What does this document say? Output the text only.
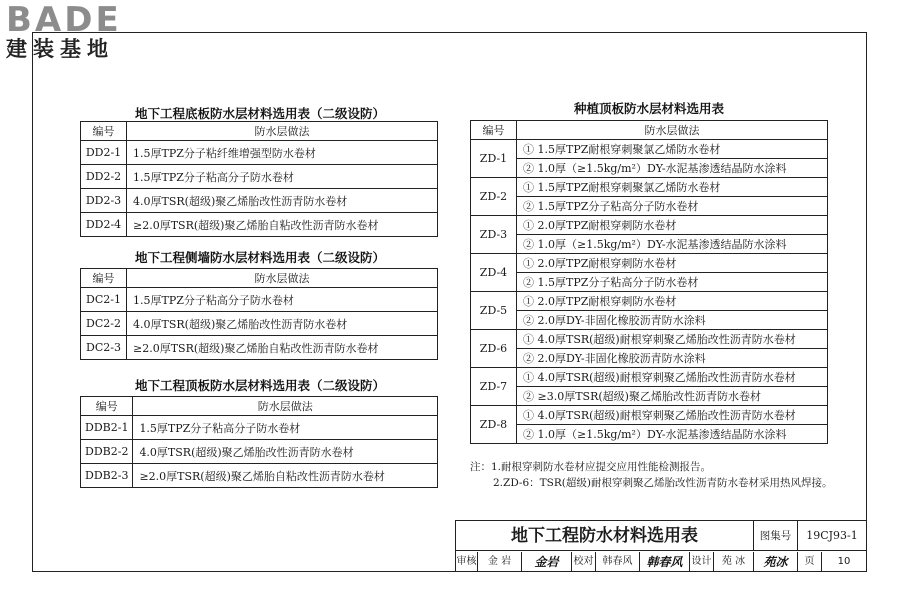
BADE
建装基地
地下工程底板防水层材料选用表（二级设防）
编号	防水层做法
DD2-1	1.5厚TPZ分子粘纤维增强型防水卷材
DD2-2	1.5厚TPZ分子粘高分子防水卷材
DD2-3	4.0厚TSR(超级)聚乙烯胎改性沥青防水卷材
DD2-4	≥2.0厚TSR(超级)聚乙烯胎自粘改性沥青防水卷材
地下工程侧墙防水层材料选用表（二级设防）
编号	防水层做法
DC2-1	1.5厚TPZ分子粘高分子防水卷材
DC2-2	4.0厚TSR(超级)聚乙烯胎改性沥青防水卷材
DC2-3	≥2.0厚TSR(超级)聚乙烯胎自粘改性沥青防水卷材
地下工程顶板防水层材料选用表（二级设防）
编号	防水层做法
DDB2-1	1.5厚TPZ分子粘高分子防水卷材
DDB2-2	4.0厚TSR(超级)聚乙烯胎改性沥青防水卷材
DDB2-3	≥2.0厚TSR(超级)聚乙烯胎自粘改性沥青防水卷材
种植顶板防水层材料选用表
编号	防水层做法
ZD-1	① 1.5厚TPZ耐根穿刺聚氯乙烯防水卷材
	② 1.0厚（≥1.5kg/m²）DY-水泥基渗透结晶防水涂料
ZD-2	① 1.5厚TPZ耐根穿刺聚氯乙烯防水卷材
	② 1.5厚TPZ分子粘高分子防水卷材
ZD-3	① 2.0厚TPZ耐根穿刺防水卷材
	② 1.0厚（≥1.5kg/m²）DY-水泥基渗透结晶防水涂料
ZD-4	① 2.0厚TPZ耐根穿刺防水卷材
	② 1.5厚TPZ分子粘高分子防水卷材
ZD-5	① 2.0厚TPZ耐根穿刺防水卷材
	② 2.0厚DY-非固化橡胶沥青防水涂料
ZD-6	① 4.0厚TSR(超级)耐根穿刺聚乙烯胎改性沥青防水卷材
	② 2.0厚DY-非固化橡胶沥青防水涂料
ZD-7	① 4.0厚TSR(超级)耐根穿刺聚乙烯胎改性沥青防水卷材
	② ≥3.0厚TSR(超级)聚乙烯胎改性沥青防水卷材
ZD-8	① 4.0厚TSR(超级)耐根穿刺聚乙烯胎改性沥青防水卷材
	② 1.0厚（≥1.5kg/m²）DY-水泥基渗透结晶防水涂料
注：1.耐根穿刺防水卷材应提交应用性能检测报告。
2.ZD-6：TSR(超级)耐根穿刺聚乙烯胎改性沥青防水卷材采用热风焊接。
地下工程防水材料选用表	图集号	19CJ93-1
审核	金 岩	金岩	校对 韩春风	韩春风 设计	苑 冰	苑冰	页	10
